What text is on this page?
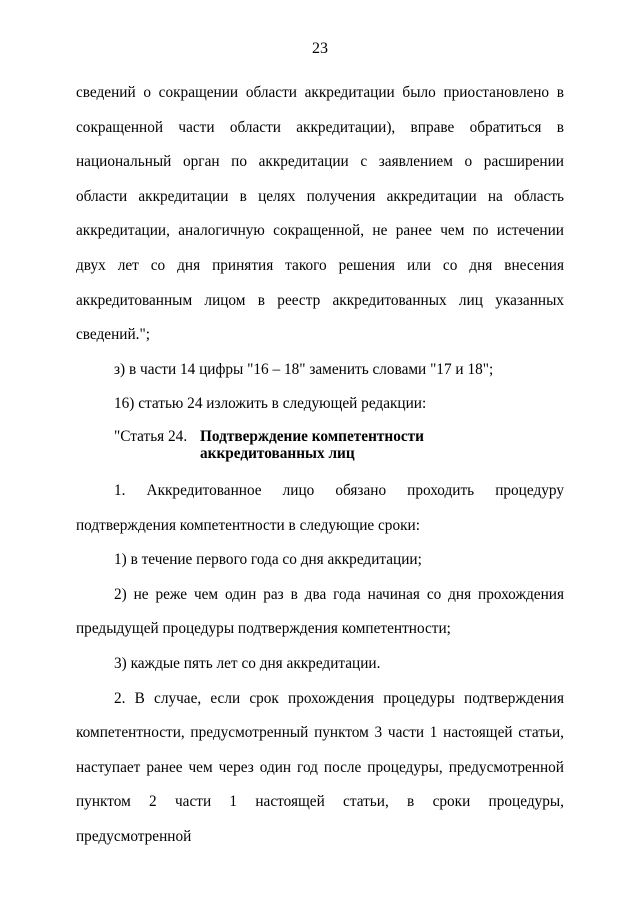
23

сведений о сокращении области аккредитации было приостановлено в сокращенной части области аккредитации), вправе обратиться в национальный орган по аккредитации с заявлением о расширении области аккредитации в целях получения аккредитации на область аккредитации, аналогичную сокращенной, не ранее чем по истечении двух лет со дня принятия такого решения или со дня внесения аккредитованным лицом в реестр аккредитованных лиц указанных сведений.";

з) в части 14 цифры "16 – 18" заменить словами "17 и 18";

16) статью 24 изложить в следующей редакции:

"Статья 24. Подтверждение компетентности
аккредитованных лиц

1. Аккредитованное лицо обязано проходить процедуру подтверждения компетентности в следующие сроки:

1) в течение первого года со дня аккредитации;

2) не реже чем один раз в два года начиная со дня прохождения предыдущей процедуры подтверждения компетентности;

3) каждые пять лет со дня аккредитации.

2. В случае, если срок прохождения процедуры подтверждения компетентности, предусмотренный пунктом 3 части 1 настоящей статьи, наступает ранее чем через один год после процедуры, предусмотренной пунктом 2 части 1 настоящей статьи, в сроки процедуры, предусмотренной
